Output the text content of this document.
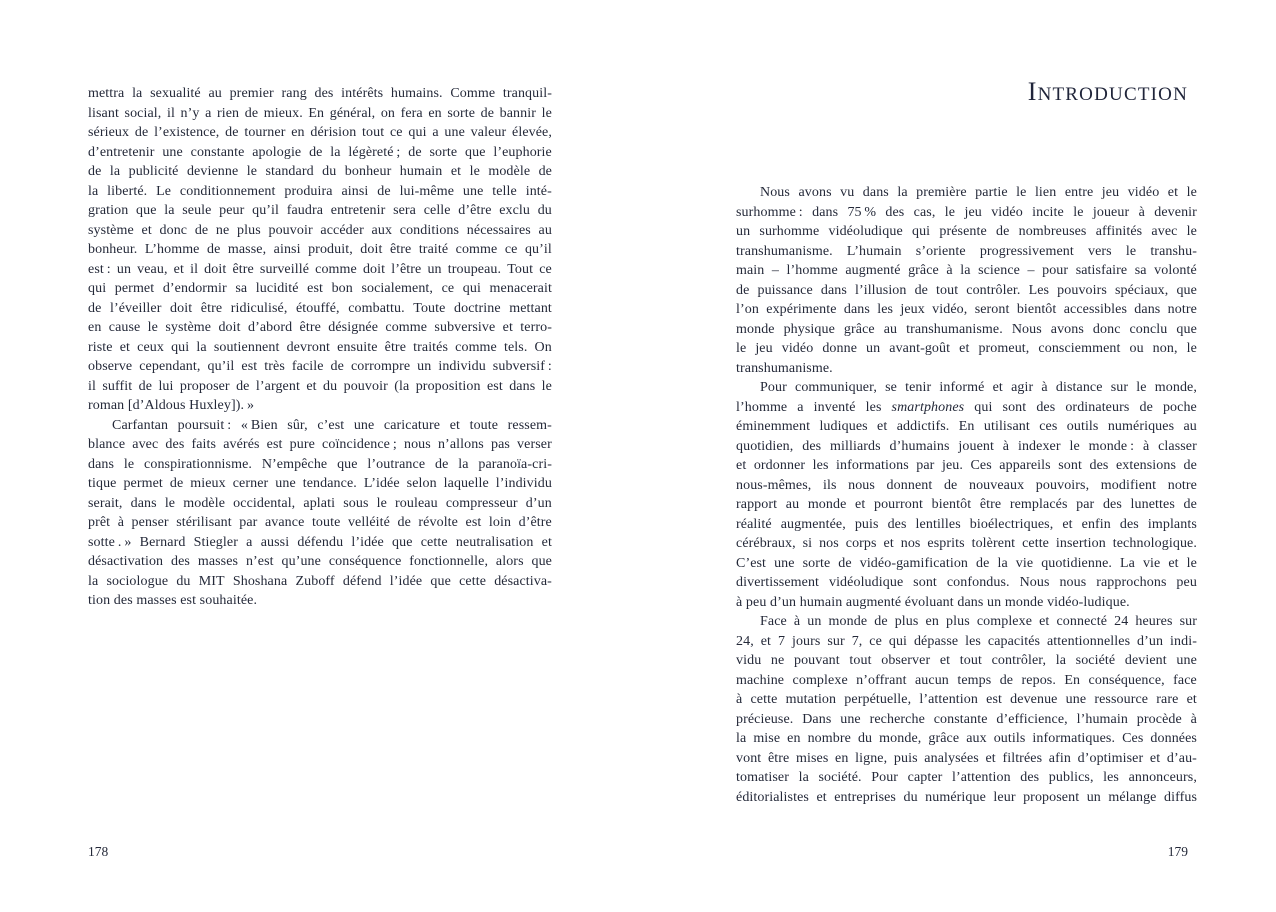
mettra la sexualité au premier rang des intérêts humains. Comme tranquil-
lisant social, il n’y a rien de mieux. En général, on fera en sorte de bannir le
sérieux de l’existence, de tourner en dérision tout ce qui a une valeur élevée,
d’entretenir une constante apologie de la légèreté ; de sorte que l’euphorie
de la publicité devienne le standard du bonheur humain et le modèle de
la liberté. Le conditionnement produira ainsi de lui-même une telle inté-
gration que la seule peur qu’il faudra entretenir sera celle d’être exclu du
système et donc de ne plus pouvoir accéder aux conditions nécessaires au
bonheur. L’homme de masse, ainsi produit, doit être traité comme ce qu’il
est : un veau, et il doit être surveillé comme doit l’être un troupeau. Tout ce
qui permet d’endormir sa lucidité est bon socialement, ce qui menacerait
de l’éveiller doit être ridiculisé, étouffé, combattu. Toute doctrine mettant
en cause le système doit d’abord être désignée comme subversive et terro-
riste et ceux qui la soutiennent devront ensuite être traités comme tels. On
observe cependant, qu’il est très facile de corrompre un individu subversif :
il suffit de lui proposer de l’argent et du pouvoir (la proposition est dans le
roman [d’Aldous Huxley]). »
Carfantan poursuit : « Bien sûr, c’est une caricature et toute ressem-
blance avec des faits avérés est pure coïncidence ; nous n’allons pas verser
dans le conspirationnisme. N’empêche que l’outrance de la paranoïa-cri-
tique permet de mieux cerner une tendance. L’idée selon laquelle l’individu
serait, dans le modèle occidental, aplati sous le rouleau compresseur d’un
prêt à penser stérilisant par avance toute velléité de révolte est loin d’être
sotte . » Bernard Stiegler a aussi défendu l’idée que cette neutralisation et
désactivation des masses n’est qu’une conséquence fonctionnelle, alors que
la sociologue du MIT Shoshana Zuboff défend l’idée que cette désactiva-
tion des masses est souhaitée.
178
INTRODUCTION
Nous avons vu dans la première partie le lien entre jeu vidéo et le
surhomme : dans 75 % des cas, le jeu vidéo incite le joueur à devenir
un surhomme vidéoludique qui présente de nombreuses affinités avec le
transhumanisme. L’humain s’oriente progressivement vers le transhu-
main – l’homme augmenté grâce à la science – pour satisfaire sa volonté
de puissance dans l’illusion de tout contrôler. Les pouvoirs spéciaux, que
l’on expérimente dans les jeux vidéo, seront bientôt accessibles dans notre
monde physique grâce au transhumanisme. Nous avons donc conclu que
le jeu vidéo donne un avant-goût et promeut, consciemment ou non, le
transhumanisme.
Pour communiquer, se tenir informé et agir à distance sur le monde,
l’homme a inventé les smartphones qui sont des ordinateurs de poche
éminemment ludiques et addictifs. En utilisant ces outils numériques au
quotidien, des milliards d’humains jouent à indexer le monde : à classer
et ordonner les informations par jeu. Ces appareils sont des extensions de
nous-mêmes, ils nous donnent de nouveaux pouvoirs, modifient notre
rapport au monde et pourront bientôt être remplacés par des lunettes de
réalité augmentée, puis des lentilles bioélectriques, et enfin des implants
cérébraux, si nos corps et nos esprits tolèrent cette insertion technologique.
C’est une sorte de vidéo-gamification de la vie quotidienne. La vie et le
divertissement vidéoludique sont confondus. Nous nous rapprochons peu
à peu d’un humain augmenté évoluant dans un monde vidéo-ludique.
Face à un monde de plus en plus complexe et connecté 24 heures sur
24, et 7 jours sur 7, ce qui dépasse les capacités attentionnelles d’un indi-
vidu ne pouvant tout observer et tout contrôler, la société devient une
machine complexe n’offrant aucun temps de repos. En conséquence, face
à cette mutation perpétuelle, l’attention est devenue une ressource rare et
précieuse. Dans une recherche constante d’efficience, l’humain procède à
la mise en nombre du monde, grâce aux outils informatiques. Ces données
vont être mises en ligne, puis analysées et filtrées afin d’optimiser et d’au-
tomatiser la société. Pour capter l’attention des publics, les annonceurs,
éditorialistes et entreprises du numérique leur proposent un mélange diffus
179
